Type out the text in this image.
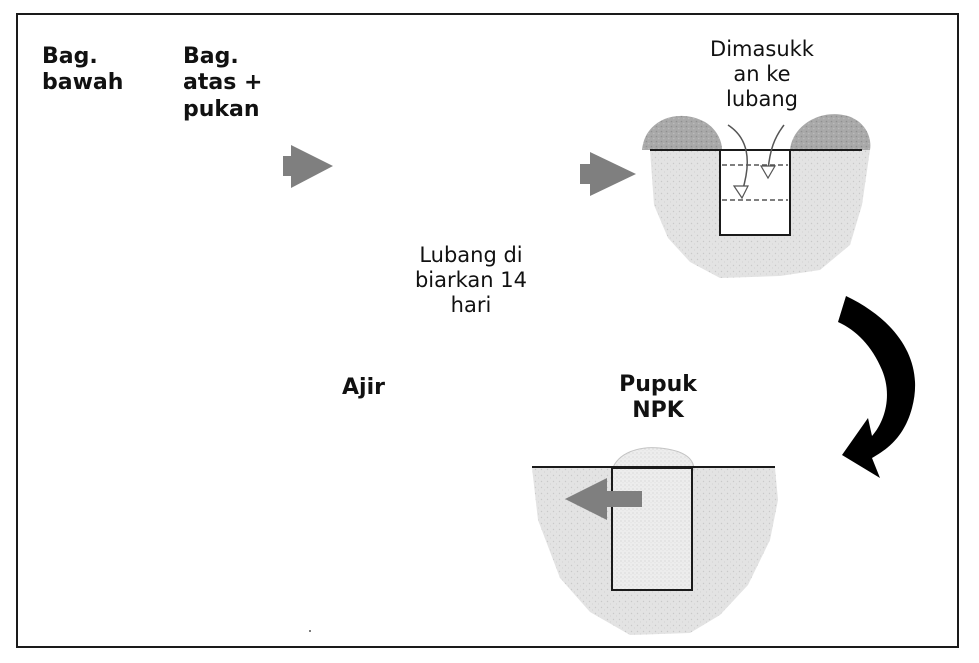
Bag.
bawah
Bag.
atas +
pukan
Dimasukk
an ke
lubang
Lubang di
biarkan 14
hari
Ajir	Pupuk
NPK
